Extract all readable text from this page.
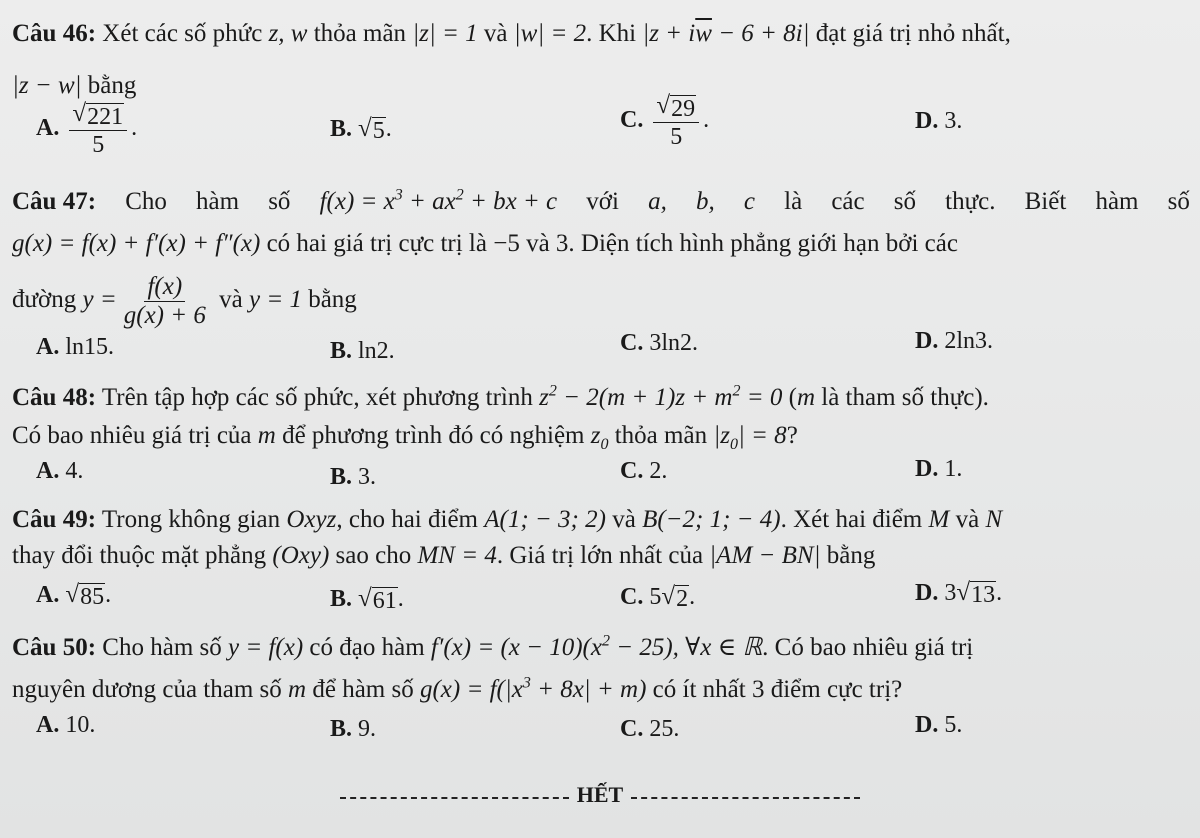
Câu 46: Xét các số phức z, w thỏa mãn |z| = 1 và |w| = 2. Khi $|z + i\overline{w} - 6 + 8i|$ đạt giá trị nhỏ nhất,
|z − w| bằng
A. $\frac{√ 221}{5}$ .	B. √ 5 .	C. $\frac{√ 29}{5}$ .	D. 3.
Câu 47: Cho hàm số $f(x) = x^3 + ax^2$ + bx + c với a, b, c là các số thực. Biết hàm số
g(x) = f(x) + f′(x) + f″(x) có hai giá trị cực trị là −5 và 3. Diện tích hình phẳng giới hạn bởi các
đường $y = \frac{f(x)}{g(x) + 6}$ và y = 1 bằng
A. ln15.	B. ln2.	C. 3ln2.	D. 2ln3.
Câu 48: Trên tập hợp các số phức, xét phương trình $z^2 - 2(m + 1)z + m^2 = 0$ (m là tham số thực).
Có bao nhiêu giá trị của m để phương trình đó có nghiệm $z_0$ thỏa mãn $|z_0| = 8$?
A. 4.	B. 3.	C. 2.	D. 1.
Câu 49: Trong không gian Oxyz, cho hai điểm A(1; − 3; 2) và B(−2; 1; − 4). Xét hai điểm M và N
thay đổi thuộc mặt phẳng (Oxy) sao cho MN = 4. Giá trị lớn nhất của |AM − BN| bằng
A. √ 85 .	B. √ 61 .	C. 5 √ 2 .	D. 3 √ 13 .
Câu 50: Cho hàm số y = f(x) có đạo hàm $f'(x) = (x - 10)(x^2 - 25)$, ∀x ∈ ℝ. Có bao nhiêu giá trị
nguyên dương của tham số m để hàm số $g(x) = f(|x^3 + 8x| + m)$ có ít nhất 3 điểm cực trị?
A. 10.	B. 9.	C. 25.	D. 5.
HẾT
